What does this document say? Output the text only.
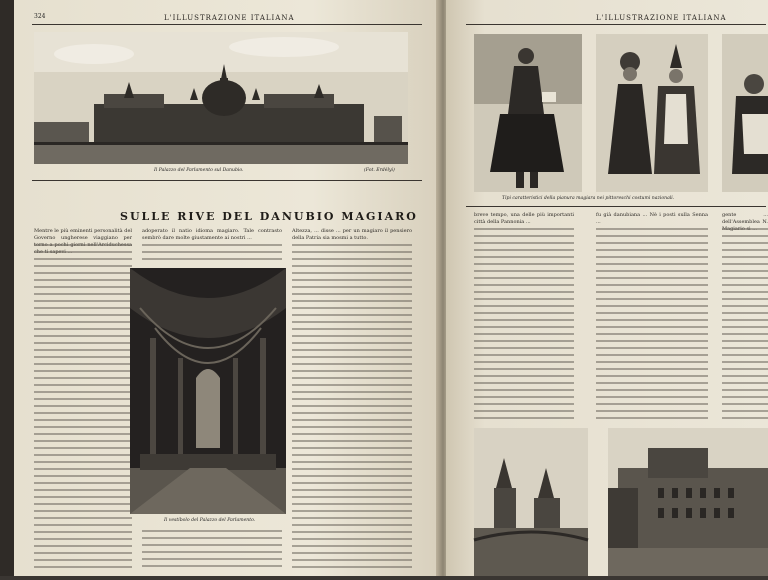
324	L'ILLUSTRAZIONE ITALIANA
Il Palazzo del Parlamento sul Danubio.	(Fot. Erdélyi)
SULLE RIVE DEL DANUBIO MAGIARO
Mentre le più eminenti personalità del Governo ungherese viaggiano per
adoperato il natio idioma magiaro. Tale contrasto sembrò dare molte giustamente ai nostri ...
Altezza, ... disse ... per un magiaro il pensiero della Patria sia mosmi a tutto.
Il vestibolo del Palazzo del Parlamento.
L'ILLUSTRAZIONE ITALIANA
Tipi caratteristici della pianura magiara nei pittoreschi costumi nazionali.
breve tempo, una delle più importanti città della Pannonia ...
fu già danubiana ... Nè i posti sulla Senna ...
gente ... dell'Assemblea N.
